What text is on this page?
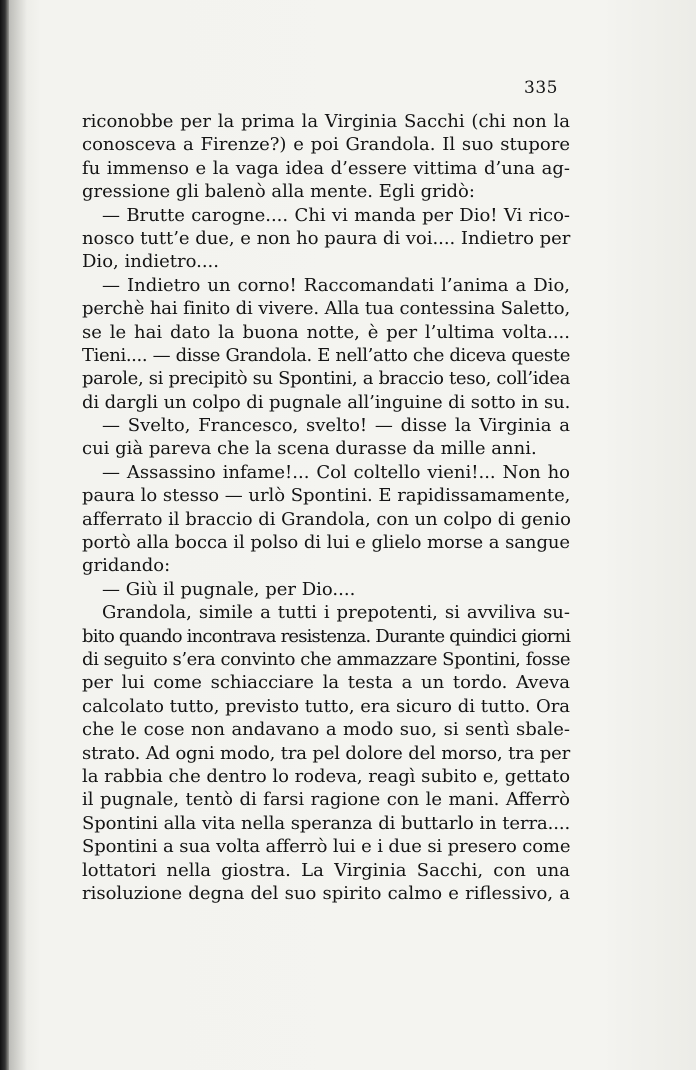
335
riconobbe per la prima la Virginia Sacchi (chi non la
conosceva a Firenze?) e poi Grandola. Il suo stupore
fu immenso e la vaga idea d’essere vittima d’una ag-
gressione gli balenò alla mente. Egli gridò:
— Brutte carogne.... Chi vi manda per Dio! Vi rico-
nosco tutt’e due, e non ho paura di voi.... Indietro per
Dio, indietro....
— Indietro un corno! Raccomandati l’anima a Dio,
perchè hai finito di vivere. Alla tua contessina Saletto,
se le hai dato la buona notte, è per l’ultima volta....
Tieni.... — disse Grandola. E nell’atto che diceva queste
parole, si precipitò su Spontini, a braccio teso, coll’idea
di dargli un colpo di pugnale all’inguine di sotto in su.
— Svelto, Francesco, svelto! — disse la Virginia a
cui già pareva che la scena durasse da mille anni.
— Assassino infame!... Col coltello vieni!... Non ho
paura lo stesso — urlò Spontini. E rapidissamamente,
afferrato il braccio di Grandola, con un colpo di genio
portò alla bocca il polso di lui e glielo morse a sangue
gridando:
— Giù il pugnale, per Dio....
Grandola, simile a tutti i prepotenti, si avviliva su-
bito quando incontrava resistenza. Durante quindici giorni
di seguito s’era convinto che ammazzare Spontini, fosse
per lui come schiacciare la testa a un tordo. Aveva
calcolato tutto, previsto tutto, era sicuro di tutto. Ora
che le cose non andavano a modo suo, si sentì sbale-
strato. Ad ogni modo, tra pel dolore del morso, tra per
la rabbia che dentro lo rodeva, reagì subito e, gettato
il pugnale, tentò di farsi ragione con le mani. Afferrò
Spontini alla vita nella speranza di buttarlo in terra....
Spontini a sua volta afferrò lui e i due si presero come
lottatori nella giostra. La Virginia Sacchi, con una
risoluzione degna del suo spirito calmo e riflessivo, a
